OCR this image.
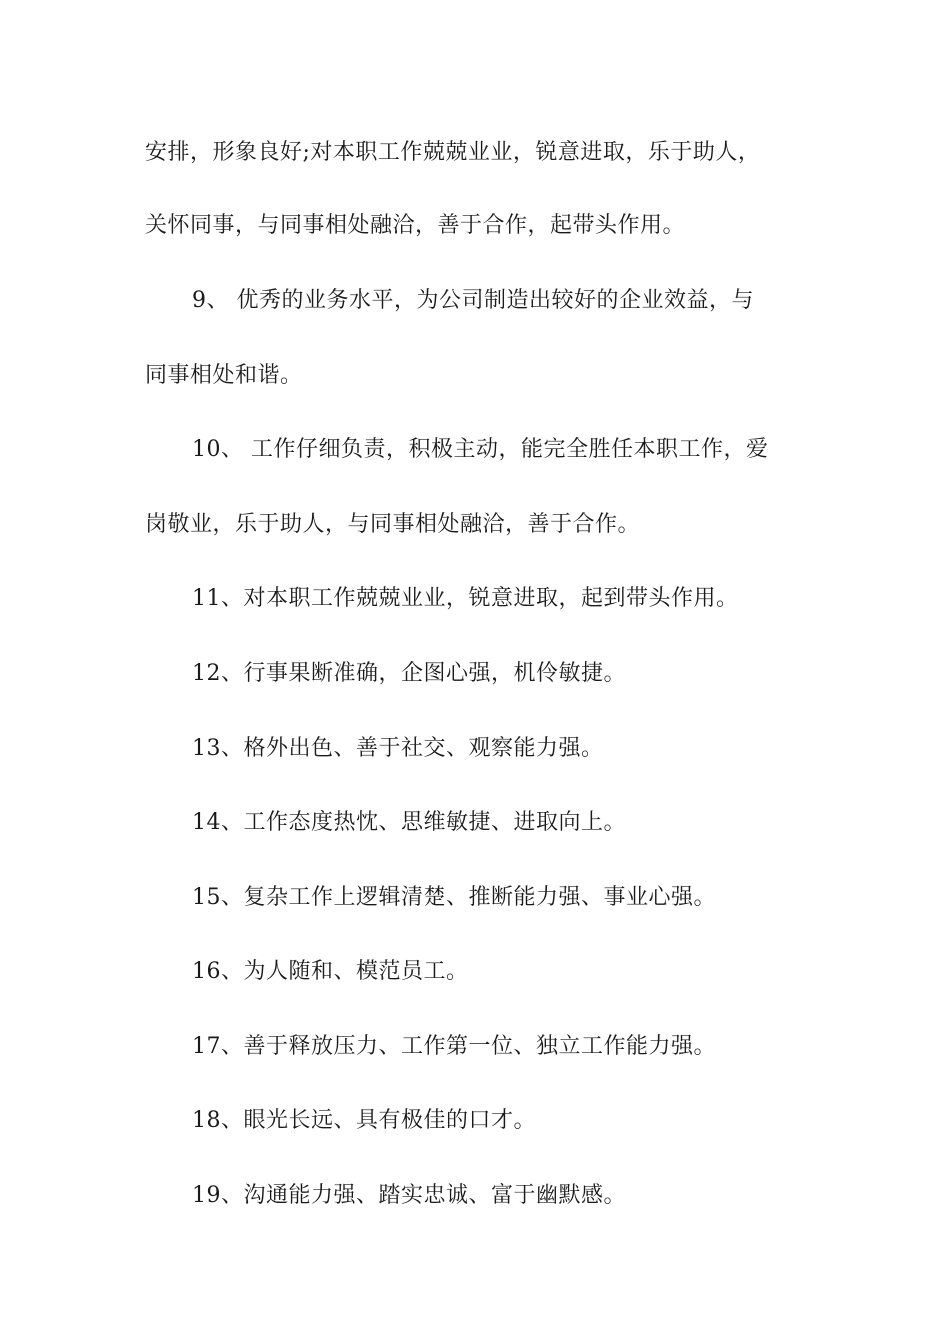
安排，形象良好;对本职工作兢兢业业，锐意进取，乐于助人，
关怀同事，与同事相处融洽，善于合作，起带头作用。
9、 优秀的业务水平，为公司制造出较好的企业效益，与
同事相处和谐。
10、 工作仔细负责，积极主动，能完全胜任本职工作，爱
岗敬业，乐于助人，与同事相处融洽，善于合作。
11、对本职工作兢兢业业，锐意进取，起到带头作用。
12、行事果断准确，企图心强，机伶敏捷。
13、格外出色、善于社交、观察能力强。
14、工作态度热忱、思维敏捷、进取向上。
15、复杂工作上逻辑清楚、推断能力强、事业心强。
16、为人随和、模范员工。
17、善于释放压力、工作第一位、独立工作能力强。
18、眼光长远、具有极佳的口才。
19、沟通能力强、踏实忠诚、富于幽默感。
